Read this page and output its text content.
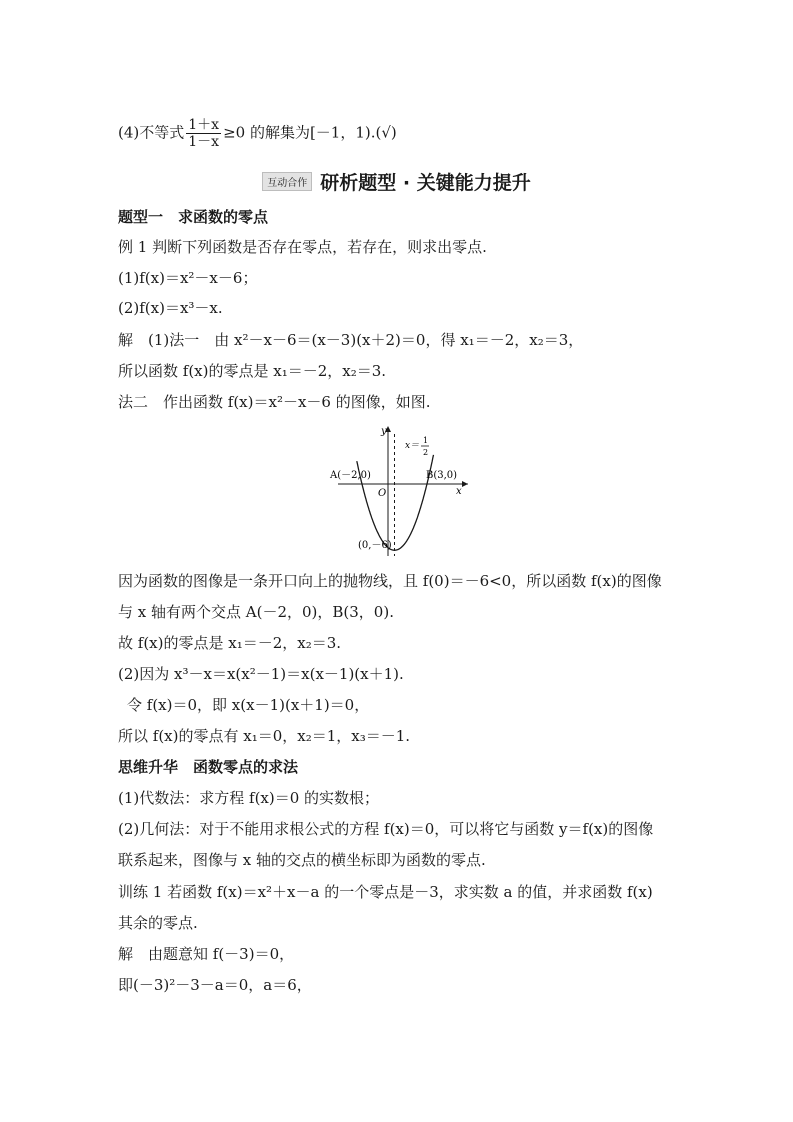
(4)不等式 $\frac{1+x}{1-x} \ge 0$ 的解集为[－1，1).(√)
互动合作 研析题型 · 关键能力提升
题型一　求函数的零点
例 1 判断下列函数是否存在零点，若存在，则求出零点.
(1)f(x)＝x²－x－6；
(2)f(x)＝x³－x.
解　(1)法一　由 x²－x－6＝(x－3)(x＋2)＝0，得 x₁＝－2，x₂＝3，
所以函数 f(x)的零点是 x₁＝－2，x₂＝3.
法二　作出函数 f(x)＝x²－x－6 的图像，如图.
y
x
O
x＝
1
2
A(－2,0)	B(3,0)
(0,－6)
因为函数的图像是一条开口向上的抛物线，且 f(0)＝－6<0，所以函数 f(x)的图像
与 x 轴有两个交点 A(－2，0)，B(3，0).
故 f(x)的零点是 x₁＝－2，x₂＝3.
(2)因为 x³－x＝x(x²－1)＝x(x－1)(x＋1).
令 f(x)＝0，即 x(x－1)(x＋1)＝0，
所以 f(x)的零点有 x₁＝0，x₂＝1，x₃＝－1.
思维升华　函数零点的求法
(1)代数法：求方程 f(x)＝0 的实数根；
(2)几何法：对于不能用求根公式的方程 f(x)＝0，可以将它与函数 y＝f(x)的图像
联系起来，图像与 x 轴的交点的横坐标即为函数的零点.
训练 1 若函数 f(x)＝x²＋x－a 的一个零点是－3，求实数 a 的值，并求函数 f(x)
其余的零点.
解　由题意知 f(－3)＝0，
即(－3)²－3－a＝0，a＝6，
